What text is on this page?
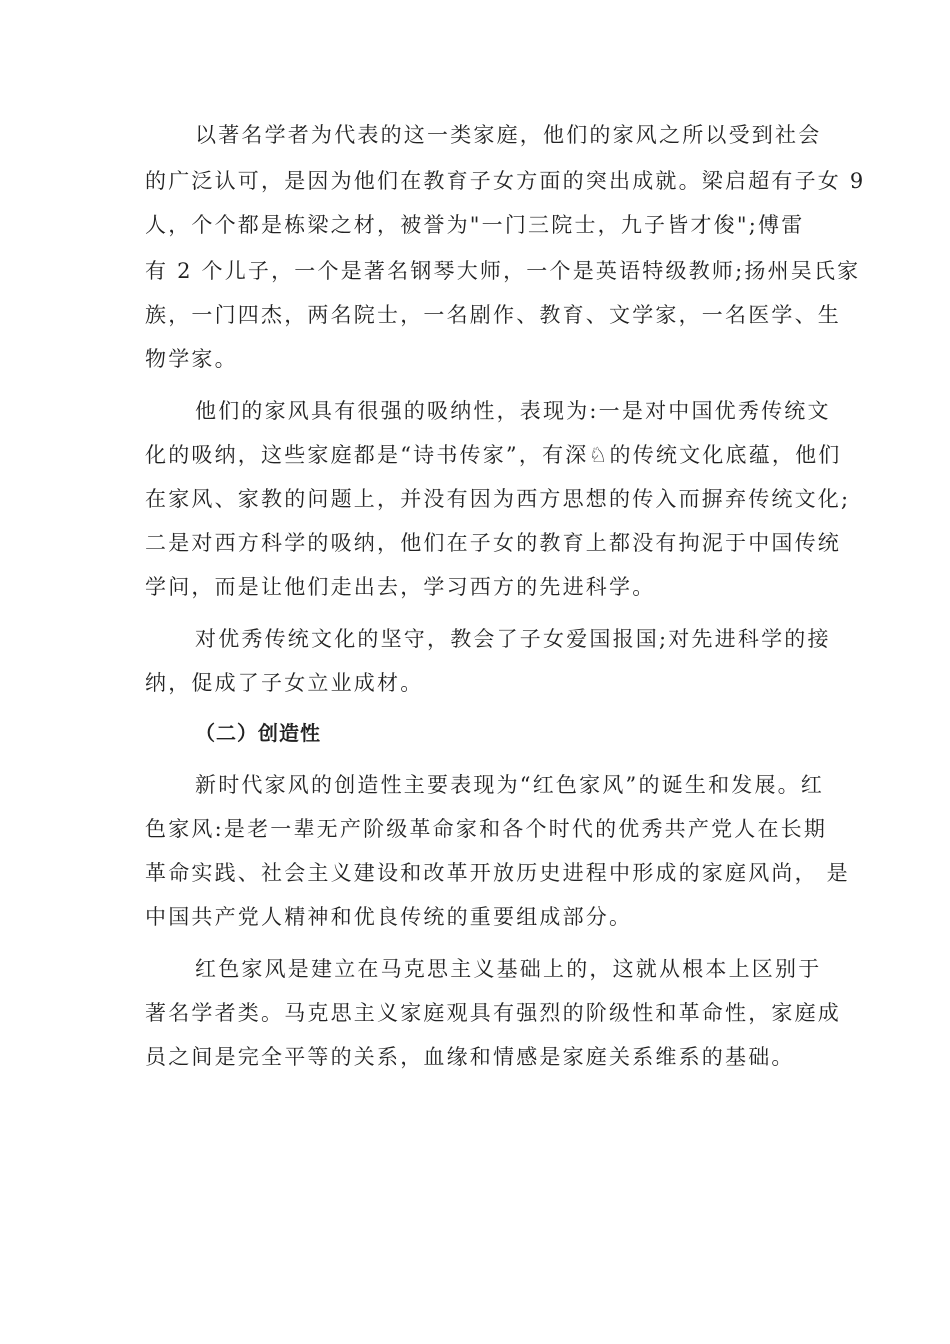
以著名学者为代表的这一类家庭，他们的家风之所以受到社会
的广泛认可，是因为他们在教育子女方面的突出成就。梁启超有子女 9
人，个个都是栋梁之材，被誉为"一门三院士，九子皆才俊";傅雷
有 2 个儿子，一个是著名钢琴大师，一个是英语特级教师;扬州吴氏家
族，一门四杰，两名院士，一名剧作、教育、文学家，一名医学、生
物学家。
他们的家风具有很强的吸纳性，表现为:一是对中国优秀传统文
化的吸纳，这些家庭都是“诗书传家”，有深♘的传统文化底蕴，他们
在家风、家教的问题上，并没有因为西方思想的传入而摒弃传统文化;
二是对西方科学的吸纳，他们在子女的教育上都没有拘泥于中国传统
学问，而是让他们走出去，学习西方的先进科学。
对优秀传统文化的坚守，教会了子女爱国报国;对先进科学的接
纳，促成了子女立业成材。
（二）创造性
新时代家风的创造性主要表现为“红色家风”的诞生和发展。红
色家风:是老一辈无产阶级革命家和各个时代的优秀共产党人在长期
革命实践、社会主义建设和改革开放历史进程中形成的家庭风尚， 是
中国共产党人精神和优良传统的重要组成部分。
红色家风是建立在马克思主义基础上的，这就从根本上区别于
著名学者类。马克思主义家庭观具有强烈的阶级性和革命性，家庭成
员之间是完全平等的关系，血缘和情感是家庭关系维系的基础。
